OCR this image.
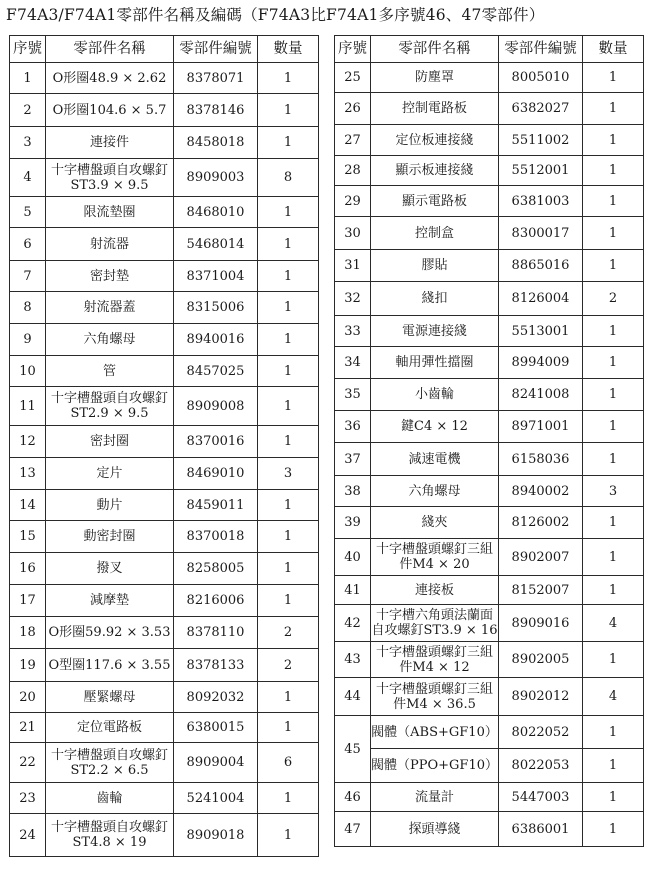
F74A3/F74A1零部件名稱及編碼（F74A3比F74A1多序號46、47零部件）
序號	零部件名稱	零部件編號	數量
1	O形圈48.9 × 2.62	8378071	1
2	O形圈104.6 × 5.7	8378146	1
3	連接件	8458018	1
4	十字槽盤頭自攻螺釘ST3.9 × 9.5	8909003	8
5	限流墊圈	8468010	1
6	射流器	5468014	1
7	密封墊	8371004	1
8	射流器蓋	8315006	1
9	六角螺母	8940016	1
10	管	8457025	1
11	十字槽盤頭自攻螺釘ST2.9 × 9.5	8909008	1
12	密封圈	8370016	1
13	定片	8469010	3
14	動片	8459011	1
15	動密封圈	8370018	1
16	撥叉	8258005	1
17	減摩墊	8216006	1
18	O形圈59.92 × 3.53	8378110	2
19	O型圈117.6 × 3.55	8378133	2
20	壓緊螺母	8092032	1
21	定位電路板	6380015	1
22	十字槽盤頭自攻螺釘ST2.2 × 6.5	8909004	6
23	齒輪	5241004	1
24	十字槽盤頭自攻螺釘ST4.8 × 19	8909018	1
序號	零部件名稱	零部件編號	數量
25	防塵罩	8005010	1
26	控制電路板	6382027	1
27	定位板連接綫	5511002	1
28	顯示板連接綫	5512001	1
29	顯示電路板	6381003	1
30	控制盒	8300017	1
31	膠貼	8865016	1
32	綫扣	8126004	2
33	電源連接綫	5513001	1
34	軸用彈性擋圈	8994009	1
35	小齒輪	8241008	1
36	鍵C4 × 12	8971001	1
37	減速電機	6158036	1
38	六角螺母	8940002	3
39	綫夾	8126002	1
40	十字槽盤頭螺釘三組件M4 × 20	8902007	1
41	連接板	8152007	1
42	十字槽六角頭法蘭面自攻螺釘ST3.9 × 16	8909016	4
43	十字槽盤頭螺釘三組件M4 × 12	8902005	1
44	十字槽盤頭螺釘三組件M4 × 36.5	8902012	4
45	閥體（ABS+GF10）	8022052	1
	閥體（PPO+GF10）	8022053	1
46	流量計	5447003	1
47	探頭導綫	6386001	1
